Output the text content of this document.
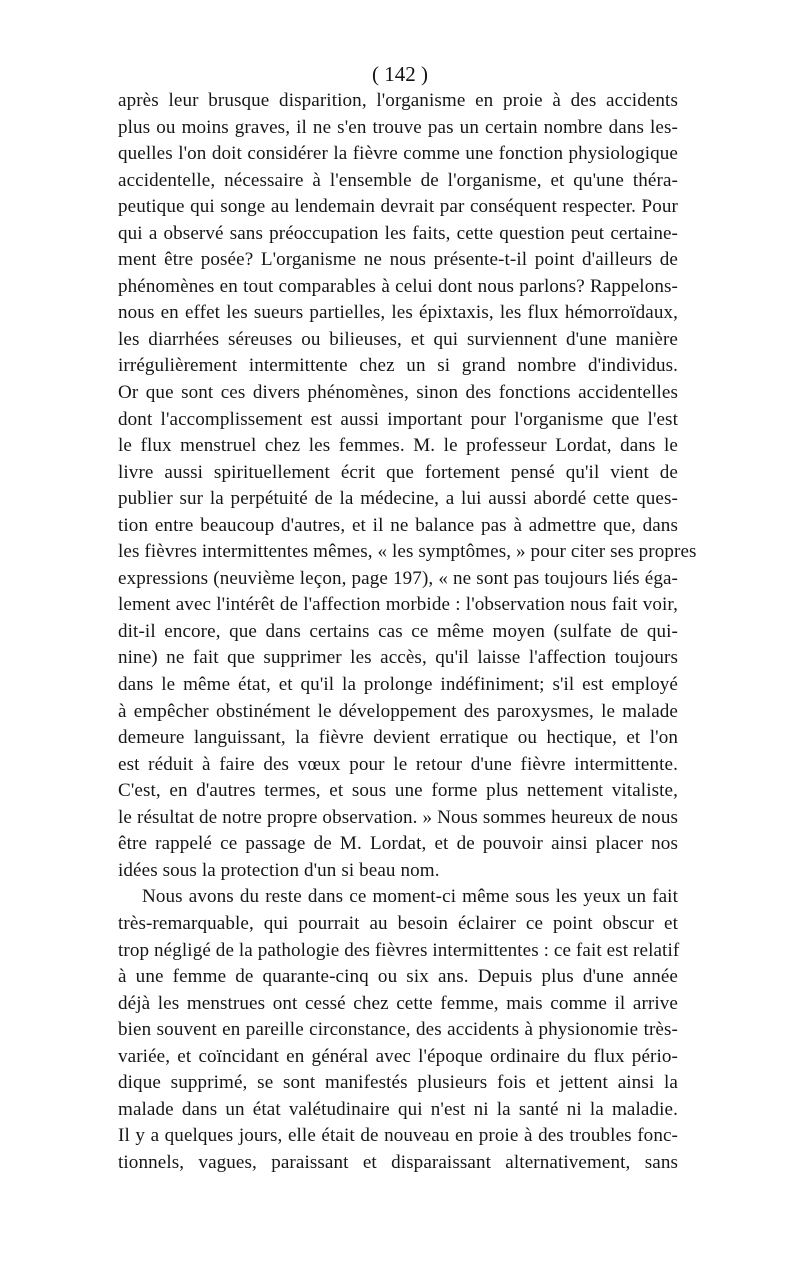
( 142 )
après leur brusque disparition, l'organisme en proie à des accidents
plus ou moins graves, il ne s'en trouve pas un certain nombre dans les-
quelles l'on doit considérer la fièvre comme une fonction physiologique
accidentelle, nécessaire à l'ensemble de l'organisme, et qu'une théra-
peutique qui songe au lendemain devrait par conséquent respecter. Pour
qui a observé sans préoccupation les faits, cette question peut certaine-
ment être posée? L'organisme ne nous présente-t-il point d'ailleurs de
phénomènes en tout comparables à celui dont nous parlons? Rappelons-
nous en effet les sueurs partielles, les épixtaxis, les flux hémorroïdaux,
les diarrhées séreuses ou bilieuses, et qui surviennent d'une manière
irrégulièrement intermittente chez un si grand nombre d'individus.
Or que sont ces divers phénomènes, sinon des fonctions accidentelles
dont l'accomplissement est aussi important pour l'organisme que l'est
le flux menstruel chez les femmes. M. le professeur Lordat, dans le
livre aussi spirituellement écrit que fortement pensé qu'il vient de
publier sur la perpétuité de la médecine, a lui aussi abordé cette ques-
tion entre beaucoup d'autres, et il ne balance pas à admettre que, dans
les fièvres intermittentes mêmes, « les symptômes, » pour citer ses propres
expressions (neuvième leçon, page 197), « ne sont pas toujours liés éga-
lement avec l'intérêt de l'affection morbide : l'observation nous fait voir,
dit-il encore, que dans certains cas ce même moyen (sulfate de qui-
nine) ne fait que supprimer les accès, qu'il laisse l'affection toujours
dans le même état, et qu'il la prolonge indéfiniment; s'il est employé
à empêcher obstinément le développement des paroxysmes, le malade
demeure languissant, la fièvre devient erratique ou hectique, et l'on
est réduit à faire des vœux pour le retour d'une fièvre intermittente.
C'est, en d'autres termes, et sous une forme plus nettement vitaliste,
le résultat de notre propre observation. » Nous sommes heureux de nous
être rappelé ce passage de M. Lordat, et de pouvoir ainsi placer nos
idées sous la protection d'un si beau nom.
Nous avons du reste dans ce moment-ci même sous les yeux un fait
très-remarquable, qui pourrait au besoin éclairer ce point obscur et
trop négligé de la pathologie des fièvres intermittentes : ce fait est relatif
à une femme de quarante-cinq ou six ans. Depuis plus d'une année
déjà les menstrues ont cessé chez cette femme, mais comme il arrive
bien souvent en pareille circonstance, des accidents à physionomie très-
variée, et coïncidant en général avec l'époque ordinaire du flux pério-
dique supprimé, se sont manifestés plusieurs fois et jettent ainsi la
malade dans un état valétudinaire qui n'est ni la santé ni la maladie.
Il y a quelques jours, elle était de nouveau en proie à des troubles fonc-
tionnels, vagues, paraissant et disparaissant alternativement, sans
